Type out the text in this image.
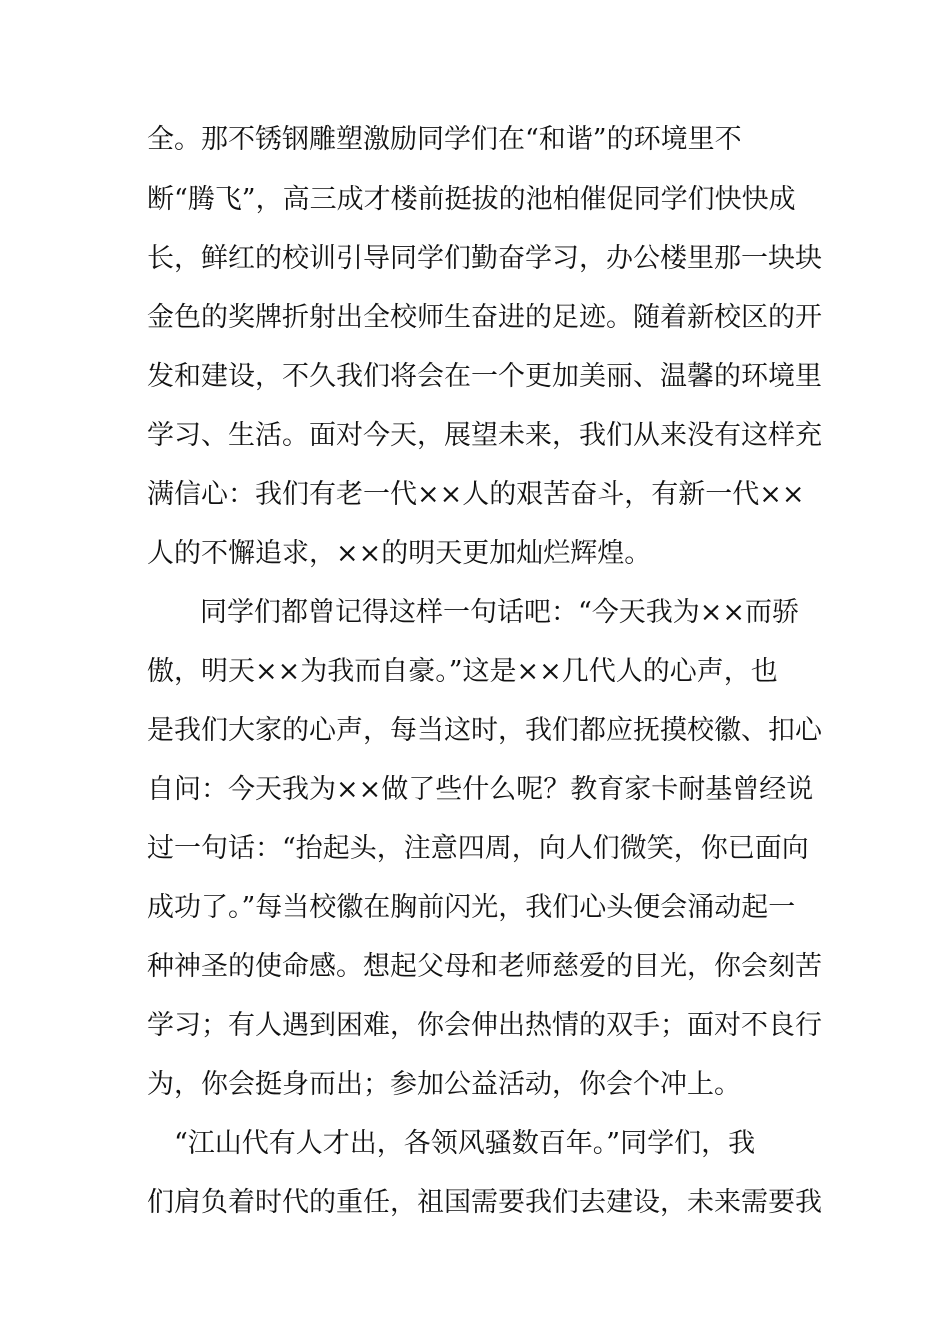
全。那不锈钢雕塑激励同学们在“和谐”的环境里不
断“腾飞”，高三成才楼前挺拔的池柏催促同学们快快成
长，鲜红的校训引导同学们勤奋学习，办公楼里那一块块
金色的奖牌折射出全校师生奋进的足迹。随着新校区的开
发和建设，不久我们将会在一个更加美丽、温馨的环境里
学习、生活。面对今天，展望未来，我们从来没有这样充
满信心：我们有老一代××人的艰苦奋斗，有新一代××
人的不懈追求，××的明天更加灿烂辉煌。
同学们都曾记得这样一句话吧：“今天我为××而骄
傲，明天××为我而自豪。”这是××几代人的心声，也
是我们大家的心声，每当这时，我们都应抚摸校徽、扣心
自问：今天我为××做了些什么呢？教育家卡耐基曾经说
过一句话：“抬起头，注意四周，向人们微笑，你已面向
成功了。”每当校徽在胸前闪光，我们心头便会涌动起一
种神圣的使命感。想起父母和老师慈爱的目光，你会刻苦
学习；有人遇到困难，你会伸出热情的双手；面对不良行
为，你会挺身而出；参加公益活动，你会个冲上。
“江山代有人才出，各领风骚数百年。”同学们，我
们肩负着时代的重任，祖国需要我们去建设，未来需要我
